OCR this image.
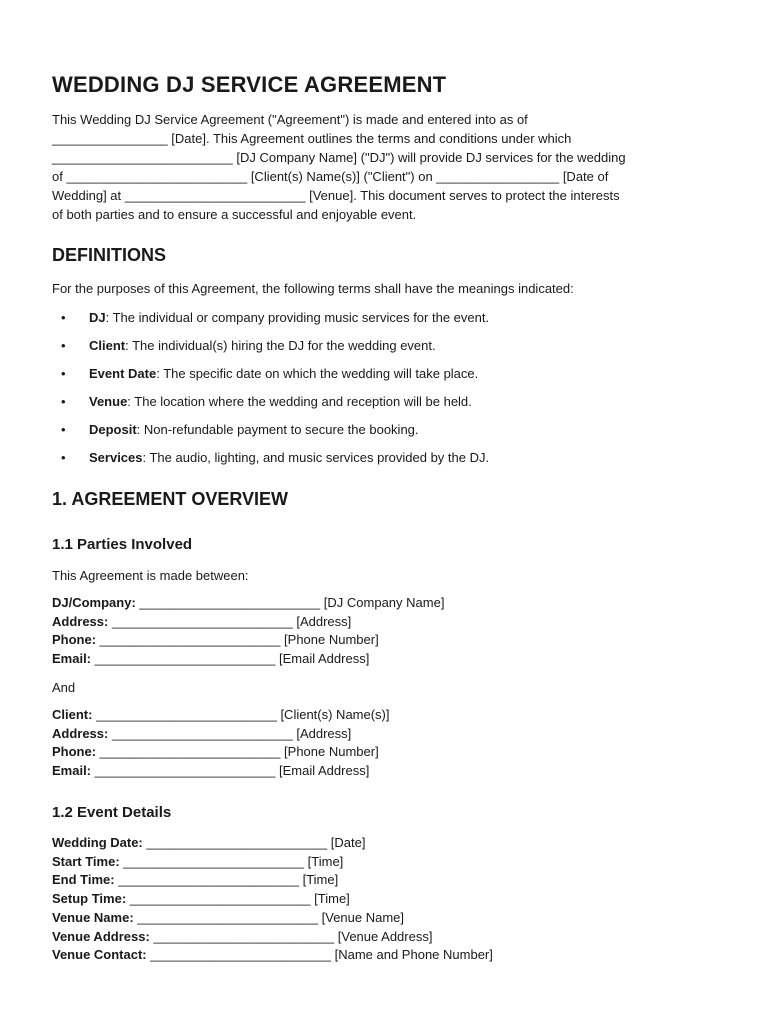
WEDDING DJ SERVICE AGREEMENT
This Wedding DJ Service Agreement ("Agreement") is made and entered into as of
________________ [Date]. This Agreement outlines the terms and conditions under which
_________________________ [DJ Company Name] ("DJ") will provide DJ services for the wedding
of _________________________ [Client(s) Name(s)] ("Client") on _________________ [Date of
Wedding] at _________________________ [Venue]. This document serves to protect the interests
of both parties and to ensure a successful and enjoyable event.
DEFINITIONS

For the purposes of this Agreement, the following terms shall have the meanings indicated:

• DJ: The individual or company providing music services for the event.
• Client: The individual(s) hiring the DJ for the wedding event.
• Event Date: The specific date on which the wedding will take place.
• Venue: The location where the wedding and reception will be held.
• Deposit: Non-refundable payment to secure the booking.
• Services: The audio, lighting, and music services provided by the DJ.
1. AGREEMENT OVERVIEW
1.1 Parties Involved

This Agreement is made between:

DJ/Company: _________________________ [DJ Company Name]
Address: _________________________ [Address]
Phone: _________________________ [Phone Number]
Email: _________________________ [Email Address]

And

Client: _________________________ [Client(s) Name(s)]
Address: _________________________ [Address]
Phone: _________________________ [Phone Number]
Email: _________________________ [Email Address]
1.2 Event Details
Wedding Date: _________________________ [Date]
Start Time: _________________________ [Time]
End Time: _________________________ [Time]
Setup Time: _________________________ [Time]
Venue Name: _________________________ [Venue Name]
Venue Address: _________________________ [Venue Address]
Venue Contact: _________________________ [Name and Phone Number]
